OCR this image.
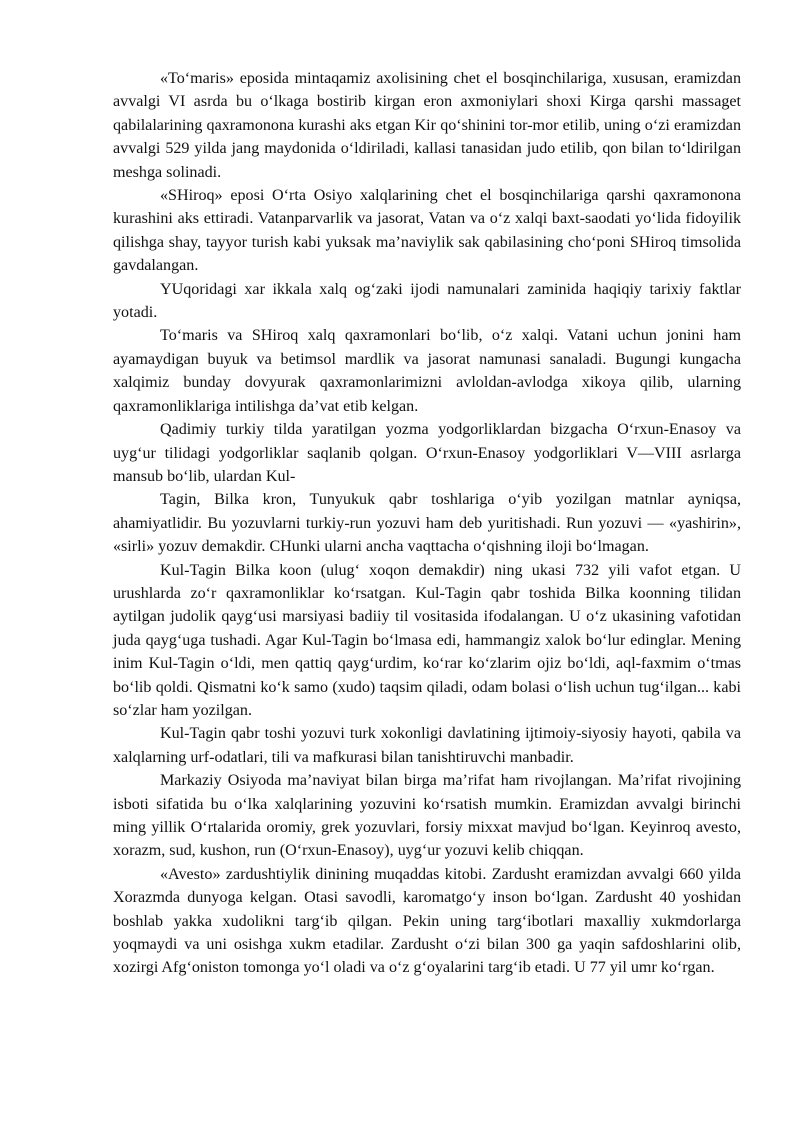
«To‘maris» eposida mintaqamiz axolisining chet el bosqinchilariga, xususan, eramizdan avvalgi VI asrda bu o‘lkaga bostirib kirgan eron axmoniylari shoxi Kirga qarshi massaget qabilalarining qaxramonona kurashi aks etgan Kir qo‘shinini tor-mor etilib, uning o‘zi eramizdan avvalgi 529 yilda jang maydonida o‘ldiriladi, kallasi tanasidan judo etilib, qon bilan to‘ldirilgan meshga solinadi.

«SHiroq» eposi O‘rta Osiyo xalqlarining chet el bosqinchilariga qarshi qaxramonona kurashini aks ettiradi. Vatanparvarlik va jasorat, Vatan va o‘z xalqi baxt-saodati yo‘lida fidoyilik qilishga shay, tayyor turish kabi yuksak ma’naviylik sak qabilasining cho‘poni SHiroq timsolida gavdalangan.

YUqoridagi xar ikkala xalq og‘zaki ijodi namunalari zaminida haqiqiy tarixiy faktlar yotadi.

To‘maris va SHiroq xalq qaxramonlari bo‘lib, o‘z xalqi. Vatani uchun jonini ham ayamaydigan buyuk va betimsol mardlik va jasorat namunasi sanaladi. Bugungi kungacha xalqimiz bunday dovyurak qaxramonlarimizni avloldan-avlodga xikoya qilib, ularning qaxramonliklariga intilishga da’vat etib kelgan.

Qadimiy turkiy tilda yaratilgan yozma yodgorliklardan bizgacha O‘rxun-Enasoy va uyg‘ur tilidagi yodgorliklar saqlanib qolgan. O‘rxun-Enasoy yodgorliklari V—VIII asrlarga mansub bo‘lib, ulardan Kul-

Tagin, Bilka kron, Tunyukuk qabr toshlariga o‘yib yozilgan matnlar ayniqsa, ahamiyatlidir. Bu yozuvlarni turkiy-run yozuvi ham deb yuritishadi. Run yozuvi — «yashirin», «sirli» yozuv demakdir. CHunki ularni ancha vaqttacha o‘qishning iloji bo‘lmagan.

Kul-Tagin Bilka koon (ulug‘ xoqon demakdir) ning ukasi 732 yili vafot etgan. U urushlarda zo‘r qaxramonliklar ko‘rsatgan. Kul-Tagin qabr toshida Bilka koonning tilidan aytilgan judolik qayg‘usi marsiyasi badiiy til vositasida ifodalangan. U o‘z ukasining vafotidan juda qayg‘uga tushadi. Agar Kul-Tagin bo‘lmasa edi, hammangiz xalok bo‘lur edinglar. Mening inim Kul-Tagin o‘ldi, men qattiq qayg‘urdim, ko‘rar ko‘zlarim ojiz bo‘ldi, aql-faxmim o‘tmas bo‘lib qoldi. Qismatni ko‘k samo (xudo) taqsim qiladi, odam bolasi o‘lish uchun tug‘ilgan... kabi so‘zlar ham yozilgan.

Kul-Tagin qabr toshi yozuvi turk xokonligi davlatining ijtimoiy-siyosiy hayoti, qabila va xalqlarning urf-odatlari, tili va mafkurasi bilan tanishtiruvchi manbadir.

Markaziy Osiyoda ma’naviyat bilan birga ma’rifat ham rivojlangan. Ma’rifat rivojining isboti sifatida bu o‘lka xalqlarining yozuvini ko‘rsatish mumkin. Eramizdan avvalgi birinchi ming yillik O‘rtalarida oromiy, grek yozuvlari, forsiy mixxat mavjud bo‘lgan. Keyinroq avesto, xorazm, sud, kushon, run (O‘rxun-Enasoy), uyg‘ur yozuvi kelib chiqqan.

«Avesto» zardushtiylik dinining muqaddas kitobi. Zardusht eramizdan avvalgi 660 yilda Xorazmda dunyoga kelgan. Otasi savodli, karomatgo‘y inson bo‘lgan. Zardusht 40 yoshidan boshlab yakka xudolikni targ‘ib qilgan. Pekin uning targ‘ibotlari maxalliy xukmdorlarga yoqmaydi va uni osishga xukm etadilar. Zardusht o‘zi bilan 300 ga yaqin safdoshlarini olib, xozirgi Afg‘oniston tomonga yo‘l oladi va o‘z g‘oyalarini targ‘ib etadi. U 77 yil umr ko‘rgan.
